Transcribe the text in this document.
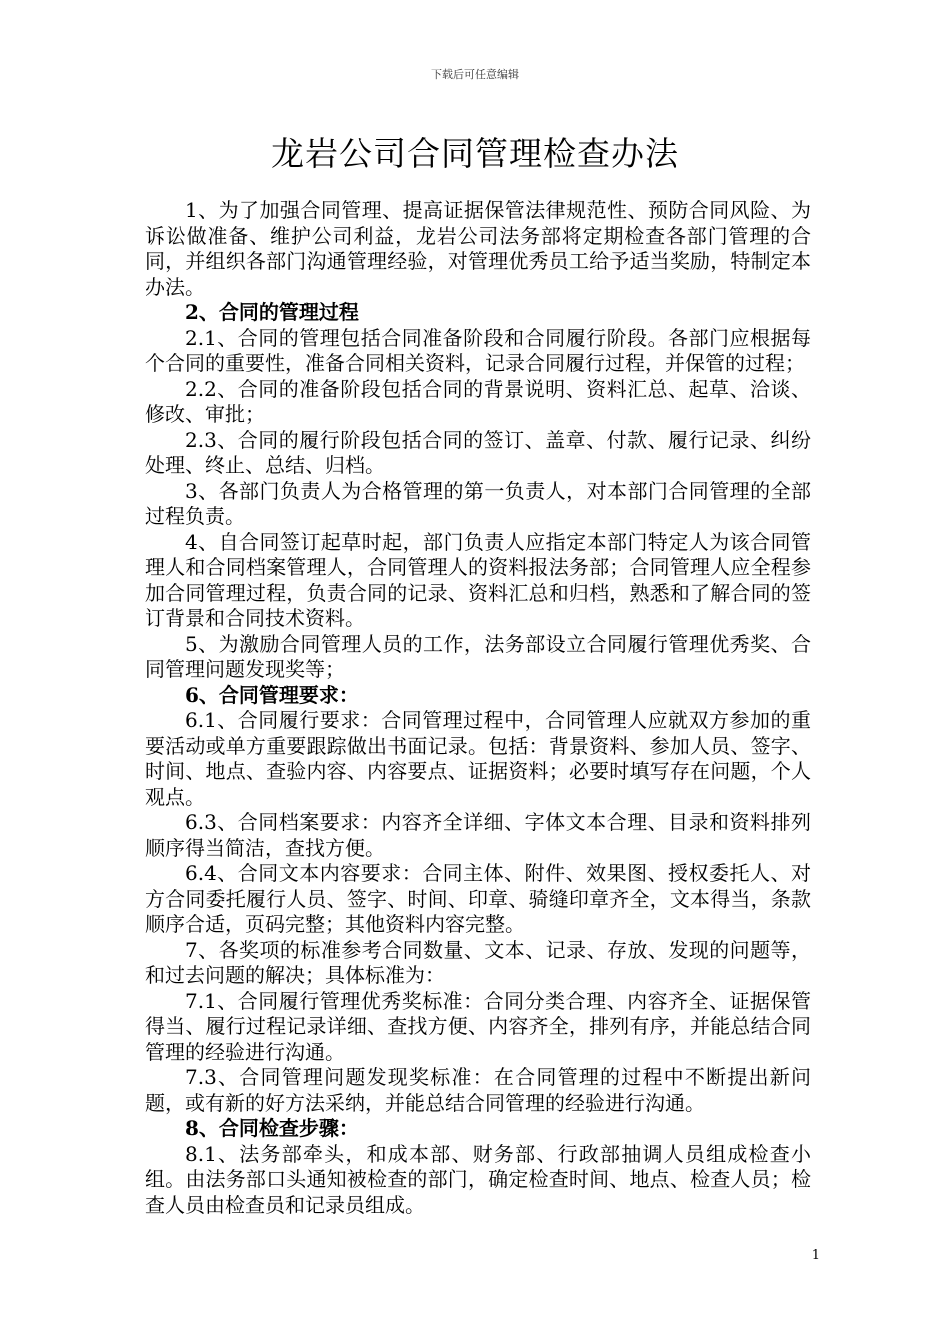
下载后可任意编辑
龙岩公司合同管理检查办法

1、为了加强合同管理、提高证据保管法律规范性、预防合同风险、为诉讼做准备、维护公司利益，龙岩公司法务部将定期检查各部门管理的合同，并组织各部门沟通管理经验，对管理优秀员工给予适当奖励，特制定本办法。

2、合同的管理过程

2.1、合同的管理包括合同准备阶段和合同履行阶段。各部门应根据每个合同的重要性，准备合同相关资料，记录合同履行过程，并保管的过程；

2.2、合同的准备阶段包括合同的背景说明、资料汇总、起草、洽谈、修改、审批；

2.3、合同的履行阶段包括合同的签订、盖章、付款、履行记录、纠纷处理、终止、总结、归档。

3、各部门负责人为合格管理的第一负责人，对本部门合同管理的全部过程负责。

4、自合同签订起草时起，部门负责人应指定本部门特定人为该合同管理人和合同档案管理人，合同管理人的资料报法务部；合同管理人应全程参加合同管理过程，负责合同的记录、资料汇总和归档，熟悉和了解合同的签订背景和合同技术资料。

5、为激励合同管理人员的工作，法务部设立合同履行管理优秀奖、合同管理问题发现奖等；

6、合同管理要求：

6.1、合同履行要求：合同管理过程中，合同管理人应就双方参加的重要活动或单方重要跟踪做出书面记录。包括：背景资料、参加人员、签字、时间、地点、查验内容、内容要点、证据资料；必要时填写存在问题，个人观点。

6.3、合同档案要求：内容齐全详细、字体文本合理、目录和资料排列顺序得当简洁，查找方便。

6.4、合同文本内容要求：合同主体、附件、效果图、授权委托人、对方合同委托履行人员、签字、时间、印章、骑缝印章齐全，文本得当，条款顺序合适，页码完整；其他资料内容完整。

7、各奖项的标准参考合同数量、文本、记录、存放、发现的问题等，和过去问题的解决；具体标准为：

7.1、合同履行管理优秀奖标准：合同分类合理、内容齐全、证据保管得当、履行过程记录详细、查找方便、内容齐全，排列有序，并能总结合同管理的经验进行沟通。

7.3、合同管理问题发现奖标准：在合同管理的过程中不断提出新问题，或有新的好方法采纳，并能总结合同管理的经验进行沟通。

8、合同检查步骤：

8.1、法务部牵头，和成本部、财务部、行政部抽调人员组成检查小组。由法务部口头通知被检查的部门，确定检查时间、地点、检查人员；检查人员由检查员和记录员组成。

1
